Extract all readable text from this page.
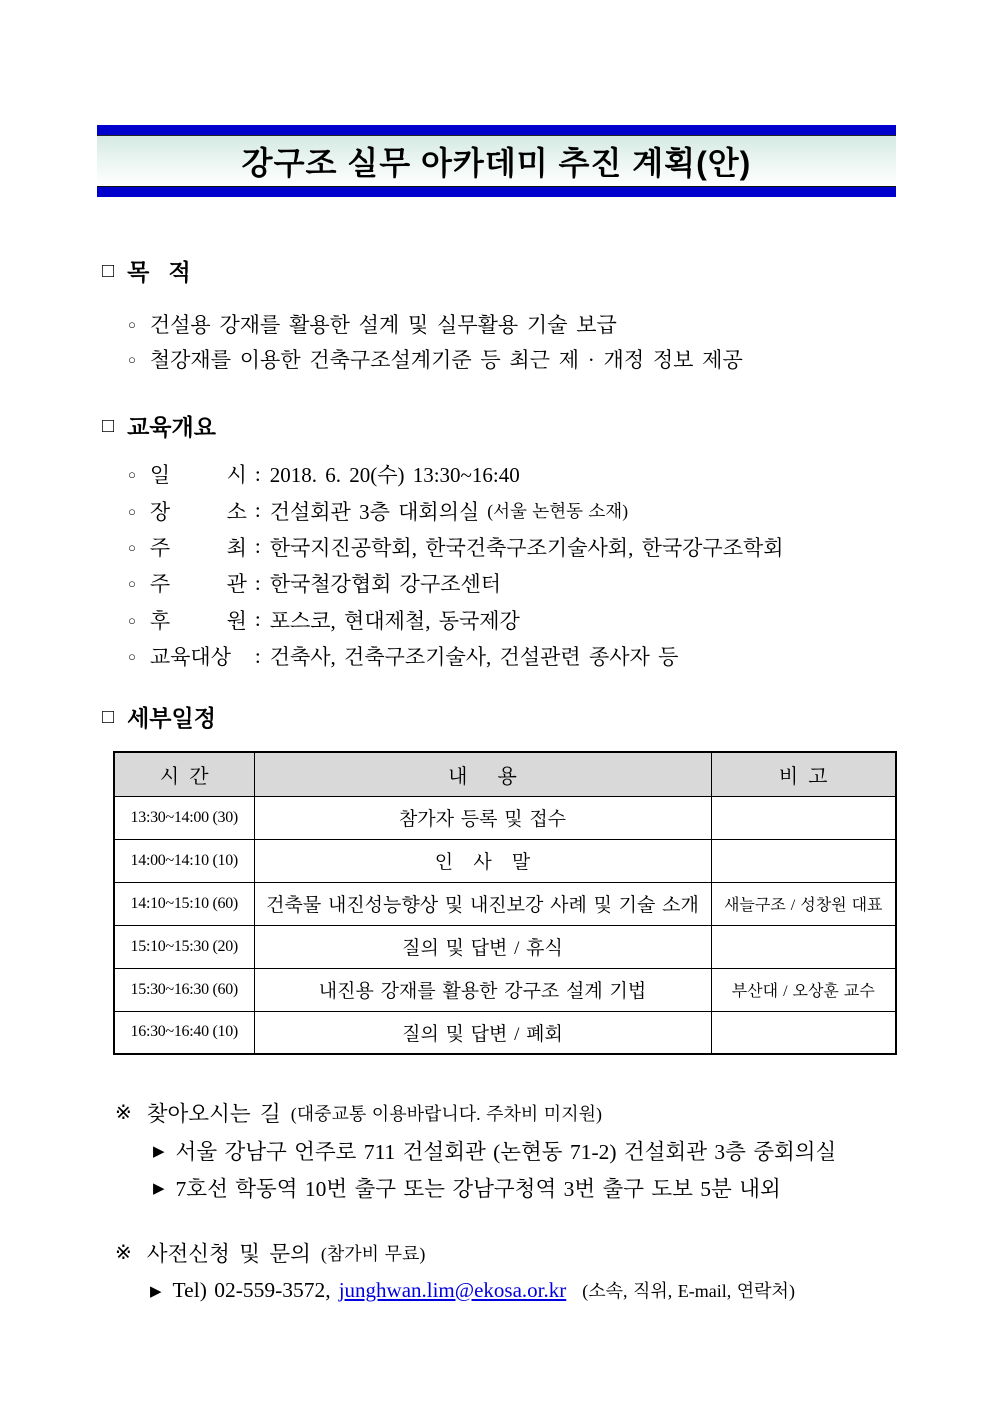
강구조 실무 아카데미 추진 계획(안)
□ 목   적
○ 건설용 강재를 활용한 설계 및 실무활용 기술 보급
○ 철강재를 이용한 건축구조설계기준 등 최근 제 · 개정 정보 제공
□ 교육개요
○ 일 시 : 2018. 6. 20(수) 13:30~16:40
○ 장 소 : 건설회관 3층 대회의실 (서울 논현동 소재)
○ 주 최 : 한국지진공학회, 한국건축구조기술사회, 한국강구조학회
○ 주 관 : 한국철강협회 강구조센터
○ 후 원 : 포스코, 현대제철, 동국제강
○ 교육대상	: 건축사, 건축구조기술사, 건설관련 종사자 등
□ 세부일정
시  간	내      용	비  고
13:30~14:00 (30)	참가자 등록 및 접수	
14:00~14:10 (10)	인   사   말	
14:10~15:10 (60)	건축물 내진성능향상 및 내진보강 사례 및 기술 소개	새늘구조 / 성창원 대표
15:10~15:30 (20)	질의 및 답변 / 휴식	
15:30~16:30 (60)	내진용 강재를 활용한 강구조 설계 기법	부산대 / 오상훈 교수
16:30~16:40 (10)	질의 및 답변 / 폐회	
※ 찾아오시는 길 (대중교통 이용바랍니다. 주차비 미지원)
▶ 서울 강남구 언주로 711 건설회관 (논현동 71-2) 건설회관 3층 중회의실
▶ 7호선 학동역 10번 출구 또는 강남구청역 3번 출구 도보 5분 내외
※ 사전신청 및 문의 (참가비 무료)
▶ Tel) 02-559-3572, junghwan.lim@ekosa.or.kr (소속, 직위, E-mail, 연락처)
